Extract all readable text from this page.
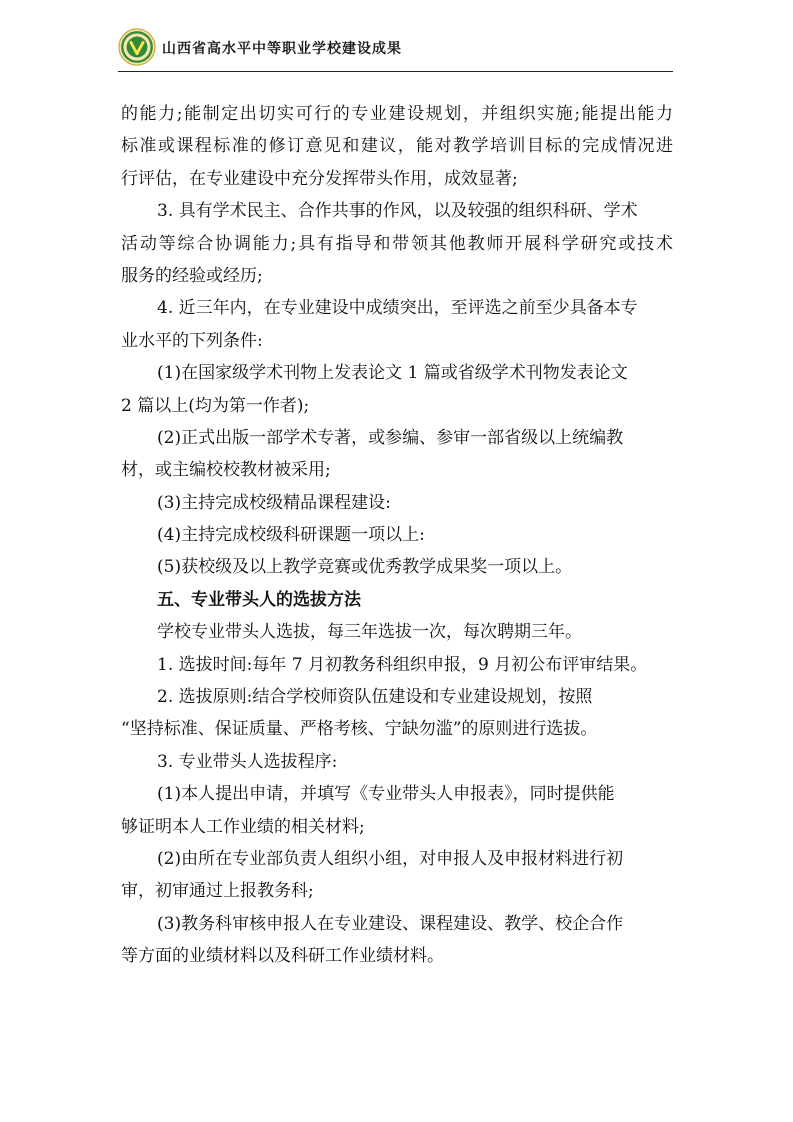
山西省高水平中等职业学校建设成果
的能力;能制定出切实可行的专业建设规划，并组织实施;能提出能力
标准或课程标准的修订意见和建议，能对教学培训目标的完成情况进
行评估，在专业建设中充分发挥带头作用，成效显著;
3. 具有学术民主、合作共事的作风，以及较强的组织科研、学术
活动等综合协调能力;具有指导和带领其他教师开展科学研究或技术
服务的经验或经历;
4. 近三年内，在专业建设中成绩突出，至评选之前至少具备本专
业水平的下列条件:
(1)在国家级学术刊物上发表论文 1 篇或省级学术刊物发表论文
2 篇以上(均为第一作者);
(2)正式出版一部学术专著，或参编、参审一部省级以上统编教
材，或主编校校教材被采用;
(3)主持完成校级精品课程建设:
(4)主持完成校级科研课题一项以上:
(5)获校级及以上教学竞赛或优秀教学成果奖一项以上。
五、专业带头人的选拔方法
学校专业带头人选拔，每三年选拔一次，每次聘期三年。
1. 选拔时间:每年 7 月初教务科组织申报，9 月初公布评审结果。
2. 选拔原则:结合学校师资队伍建设和专业建设规划，按照
“坚持标准、保证质量、严格考核、宁缺勿滥”的原则进行选拔。
3. 专业带头人选拔程序:
(1)本人提出申请，并填写《专业带头人申报表》，同时提供能
够证明本人工作业绩的相关材料;
(2)由所在专业部负责人组织小组，对申报人及申报材料进行初
审，初审通过上报教务科;
(3)教务科审核申报人在专业建设、课程建设、教学、校企合作
等方面的业绩材料以及科研工作业绩材料。
